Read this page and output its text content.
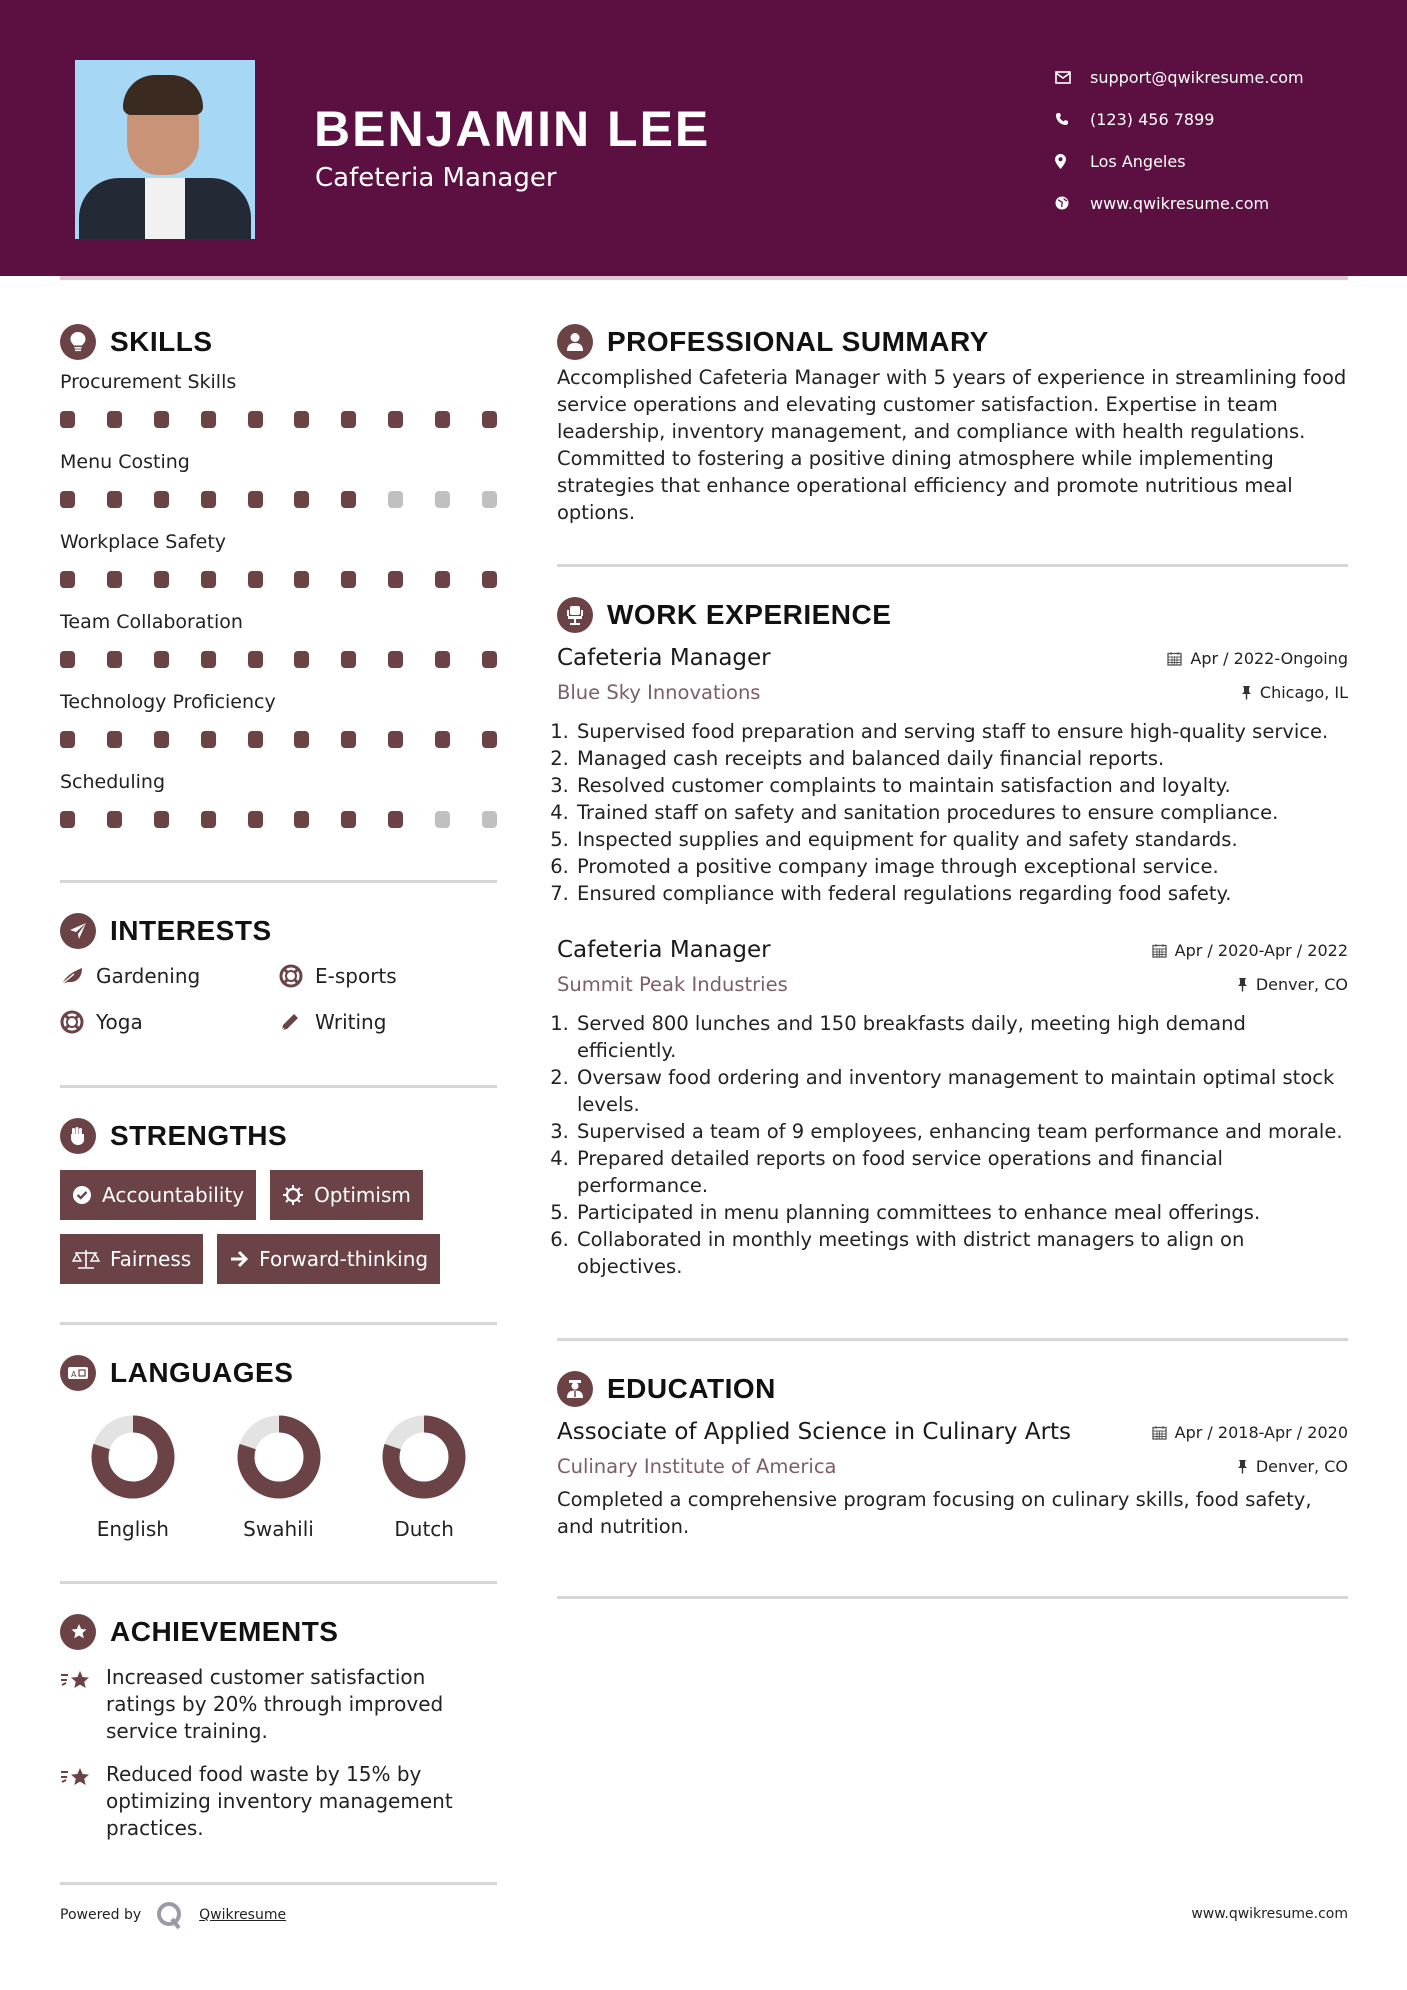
BENJAMIN LEE
Cafeteria Manager
support@qwikresume.com
(123) 456 7899
Los Angeles
www.qwikresume.com
SKILLS
Procurement Skills
Menu Costing
Workplace Safety
Team Collaboration
Technology Proficiency
Scheduling
INTERESTS
Gardening	E-sports
Yoga	Writing
STRENGTHS
Accountability	Optimism
Fairness	Forward-thinking
A LANGUAGES
English	Swahili	Dutch
ACHIEVEMENTS
Increased customer satisfaction ratings by 20% through improved service training.
Reduced food waste by 15% by optimizing inventory management practices.
PROFESSIONAL SUMMARY

Accomplished Cafeteria Manager with 5 years of experience in streamlining food service operations and elevating customer satisfaction. Expertise in team leadership, inventory management, and compliance with health regulations. Committed to fostering a positive dining atmosphere while implementing strategies that enhance operational efficiency and promote nutritious meal options.

WORK EXPERIENCE
Cafeteria Manager	Apr / 2022-Ongoing
Blue Sky Innovations	Chicago, IL
1. Supervised food preparation and serving staff to ensure high-quality service.
2. Managed cash receipts and balanced daily financial reports.
3. Resolved customer complaints to maintain satisfaction and loyalty.
4. Trained staff on safety and sanitation procedures to ensure compliance.
5. Inspected supplies and equipment for quality and safety standards.
6. Promoted a positive company image through exceptional service.
7. Ensured compliance with federal regulations regarding food safety.
Cafeteria Manager	Apr / 2020-Apr / 2022
Summit Peak Industries	Denver, CO
1. Served 800 lunches and 150 breakfasts daily, meeting high demand efficiently.
2. Oversaw food ordering and inventory management to maintain optimal stock levels.
3. Supervised a team of 9 employees, enhancing team performance and morale.
4. Prepared detailed reports on food service operations and financial performance.
5. Participated in menu planning committees to enhance meal offerings.
6. Collaborated in monthly meetings with district managers to align on objectives.
EDUCATION
Associate of Applied Science in Culinary Arts	Apr / 2018-Apr / 2020
Culinary Institute of America	Denver, CO

Completed a comprehensive program focusing on culinary skills, food safety, and nutrition.

Powered by	Qwikresume	www.qwikresume.com
